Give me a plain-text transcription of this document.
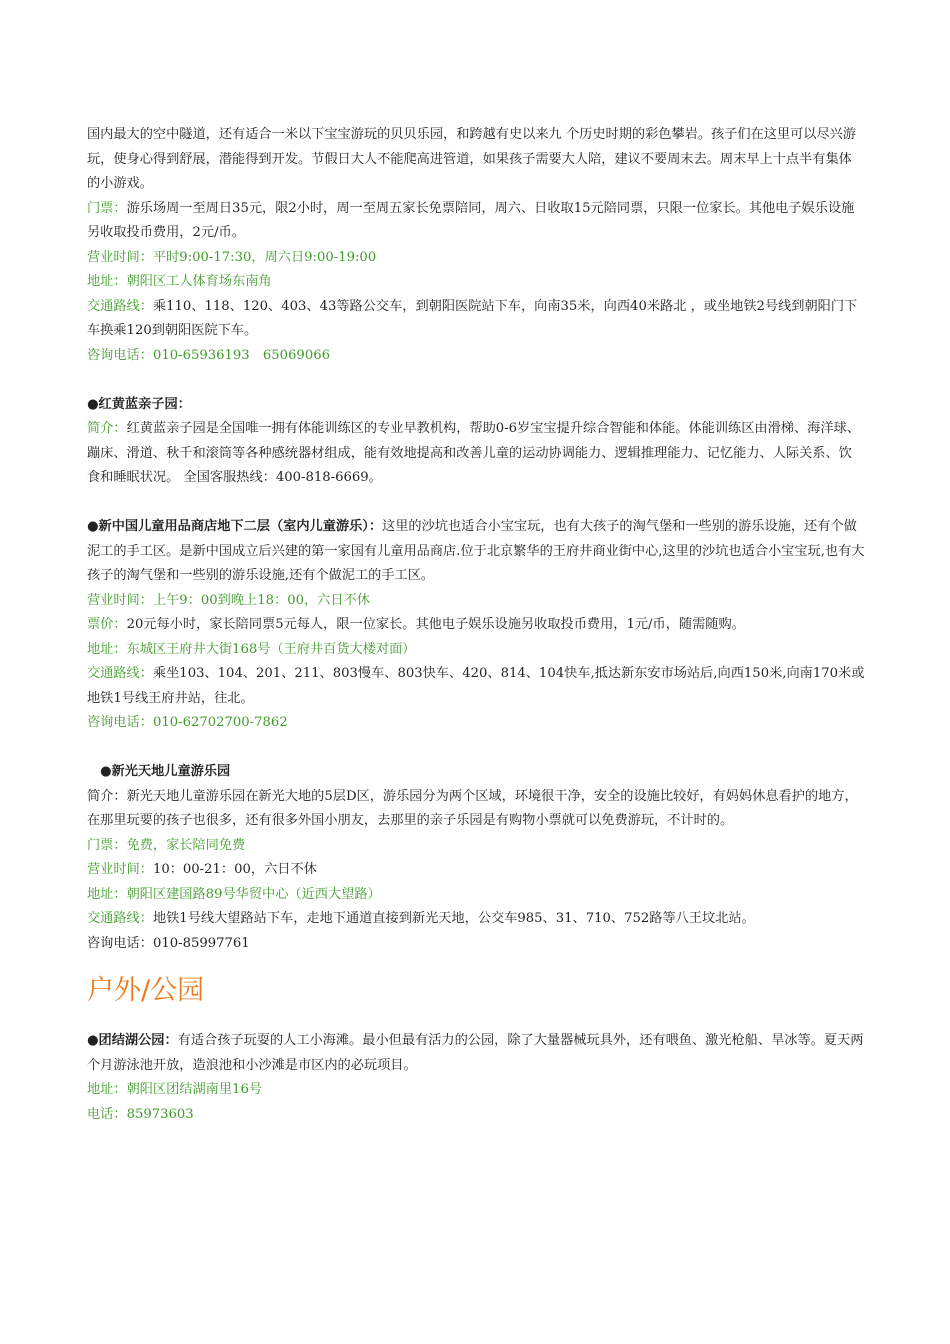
国内最大的空中隧道，还有适合一米以下宝宝游玩的贝贝乐园，和跨越有史以来九 个历史时期的彩色攀岩。孩子们在这里可以尽兴游玩，使身心得到舒展，潜能得到开发。节假日大人不能爬高进管道，如果孩子需要大人陪，建议不要周末去。周末早上十点半有集体的小游戏。

门票：游乐场周一至周日35元，限2小时，周一至周五家长免票陪同，周六、日收取15元陪同票，只限一位家长。其他电子娱乐设施另收取投币费用，2元/币。

营业时间：平时9:00-17:30，周六日9:00-19:00

地址：朝阳区工人体育场东南角

交通路线：乘110、118、120、403、43等路公交车，到朝阳医院站下车，向南35米，向西40米路北 ，或坐地铁2号线到朝阳门下车换乘120到朝阳医院下车。

咨询电话：010-65936193　65069066

●红黄蓝亲子园：

简介：红黄蓝亲子园是全国唯一拥有体能训练区的专业早教机构，帮助0-6岁宝宝提升综合智能和体能。体能训练区由滑梯、海洋球、蹦床、滑道、秋千和滚筒等各种感统器材组成，能有效地提高和改善儿童的运动协调能力、逻辑推理能力、记忆能力、人际关系、饮食和睡眠状况。 全国客服热线：400-818-6669。

●新中国儿童用品商店地下二层（室内儿童游乐）：这里的沙坑也适合小宝宝玩，也有大孩子的淘气堡和一些别的游乐设施，还有个做泥工的手工区。是新中国成立后兴建的第一家国有儿童用品商店.位于北京繁华的王府井商业街中心,这里的沙坑也适合小宝宝玩,也有大孩子的淘气堡和一些别的游乐设施,还有个做泥工的手工区。

营业时间：上午9：00到晚上18：00，六日不休

票价：20元每小时，家长陪同票5元每人，限一位家长。其他电子娱乐设施另收取投币费用，1元/币，随需随购。

地址：东城区王府井大街168号（王府井百货大楼对面）

交通路线：乘坐103、104、201、211、803慢车、803快车、420、814、104快车,抵达新东安市场站后,向西150米,向南170米或地铁1号线王府井站，往北。

咨询电话：010-62702700-7862

●新光天地儿童游乐园

简介：新光天地儿童游乐园在新光大地的5层D区，游乐园分为两个区域，环境很干净，安全的设施比较好，有妈妈休息看护的地方，在那里玩要的孩子也很多，还有很多外国小朋友，去那里的亲子乐园是有购物小票就可以免费游玩，不计时的。

门票：免费，家长陪同免费

营业时间：10：00-21：00，六日不休

地址：朝阳区建国路89号华贸中心（近西大望路）

交通路线：地铁1号线大望路站下车，走地下通道直接到新光天地，公交车985、31、710、752路等八王坟北站。

咨询电话：010-85997761

户外/公园

●团结湖公园：有适合孩子玩耍的人工小海滩。最小但最有活力的公园，除了大量器械玩具外，还有喂鱼、激光枪船、旱冰等。夏天两个月游泳池开放，造浪池和小沙滩是市区内的必玩项目。

地址：朝阳区团结湖南里16号

电话：85973603
